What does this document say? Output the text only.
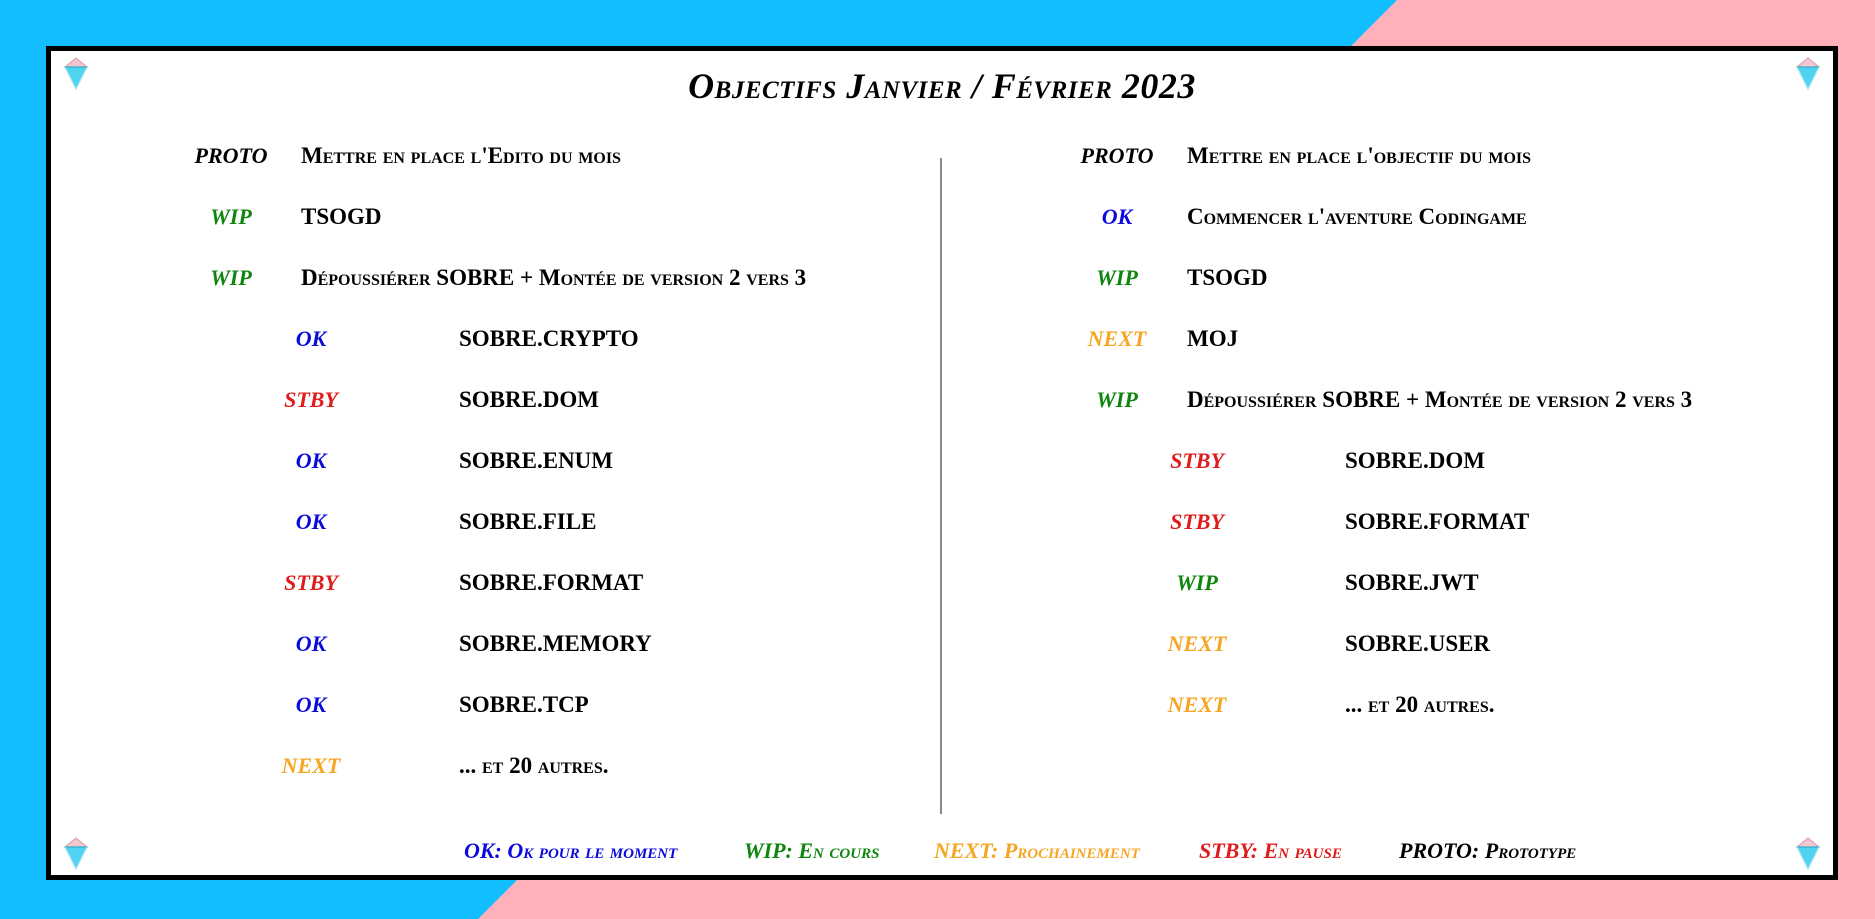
Objectifs Janvier / Février 2023
PROTO	Mettre en place l'Edito du mois
WIP	TSOGD
WIP	Dépoussiérer SOBRE + Montée de version 2 vers 3
OK	SOBRE.CRYPTO
STBY	SOBRE.DOM
OK	SOBRE.ENUM
OK	SOBRE.FILE
STBY	SOBRE.FORMAT
OK	SOBRE.MEMORY
OK	SOBRE.TCP
NEXT	... et 20 autres.
PROTO	Mettre en place l'objectif du mois
OK	Commencer l'aventure Codingame
WIP	TSOGD
NEXT	MOJ
WIP	Dépoussiérer SOBRE + Montée de version 2 vers 3
STBY	SOBRE.DOM
STBY	SOBRE.FORMAT
WIP	SOBRE.JWT
NEXT	SOBRE.USER
NEXT	... et 20 autres.
OK: Ok pour le moment	WIP: En cours NEXT: Prochainement	STBY: En pause	PROTO: Prototype
